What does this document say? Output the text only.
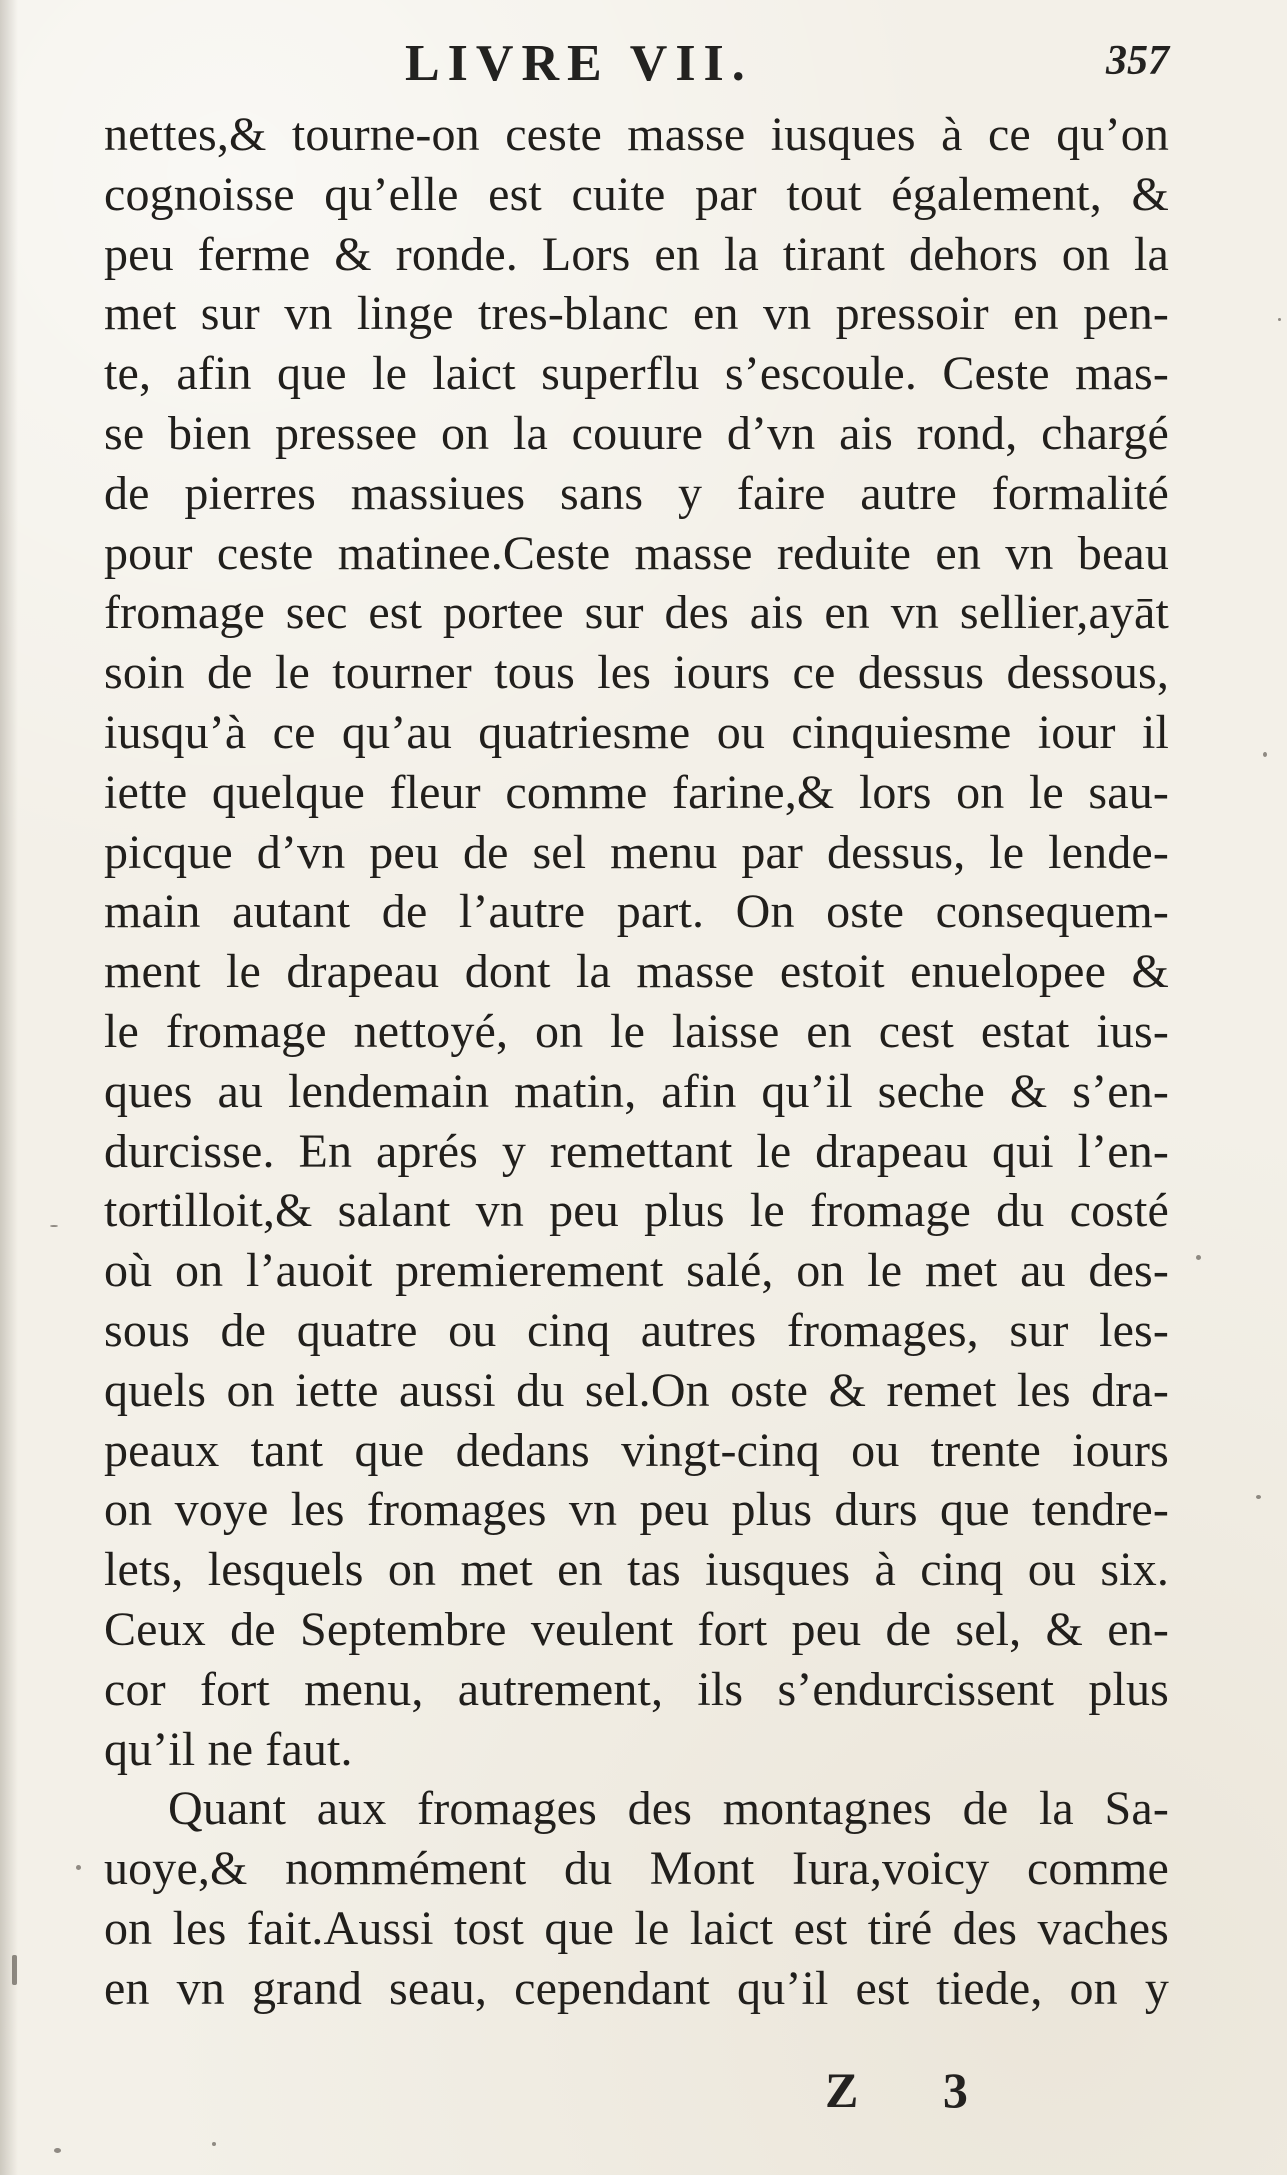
LIVRE VII.	357
nettes,& tourne-on ceste masse iusques à ce qu’on
cognoisse qu’elle est cuite par tout également, &
peu ferme & ronde. Lors en la tirant dehors on la
met sur vn linge tres-blanc en vn pressoir en pen-
te, afin que le laict superflu s’escoule. Ceste mas-
se bien pressee on la couure d’vn ais rond, chargé
de pierres massiues sans y faire autre formalité
pour ceste matinee.Ceste masse reduite en vn beau
fromage sec est portee sur des ais en vn sellier,ayāt
soin de le tourner tous les iours ce dessus dessous,
iusqu’à ce qu’au quatriesme ou cinquiesme iour il
iette quelque fleur comme farine,& lors on le sau-
picque d’vn peu de sel menu par dessus, le lende-
main autant de l’autre part. On oste consequem-
ment le drapeau dont la masse estoit enuelopee &
le fromage nettoyé, on le laisse en cest estat ius-
ques au lendemain matin, afin qu’il seche & s’en-
durcisse. En aprés y remettant le drapeau qui l’en-
tortilloit,& salant vn peu plus le fromage du costé
où on l’auoit premierement salé, on le met au des-
sous de quatre ou cinq autres fromages, sur les-
quels on iette aussi du sel.On oste & remet les dra-
peaux tant que dedans vingt-cinq ou trente iours
on voye les fromages vn peu plus durs que tendre-
lets, lesquels on met en tas iusques à cinq ou six.
Ceux de Septembre veulent fort peu de sel, & en-
cor fort menu, autrement, ils s’endurcissent plus
qu’il ne faut.
Quant aux fromages des montagnes de la Sa-
uoye,& nommément du Mont Iura,voicy comme
on les fait.Aussi tost que le laict est tiré des vaches
en vn grand seau, cependant qu’il est tiede, on y
Z 3
